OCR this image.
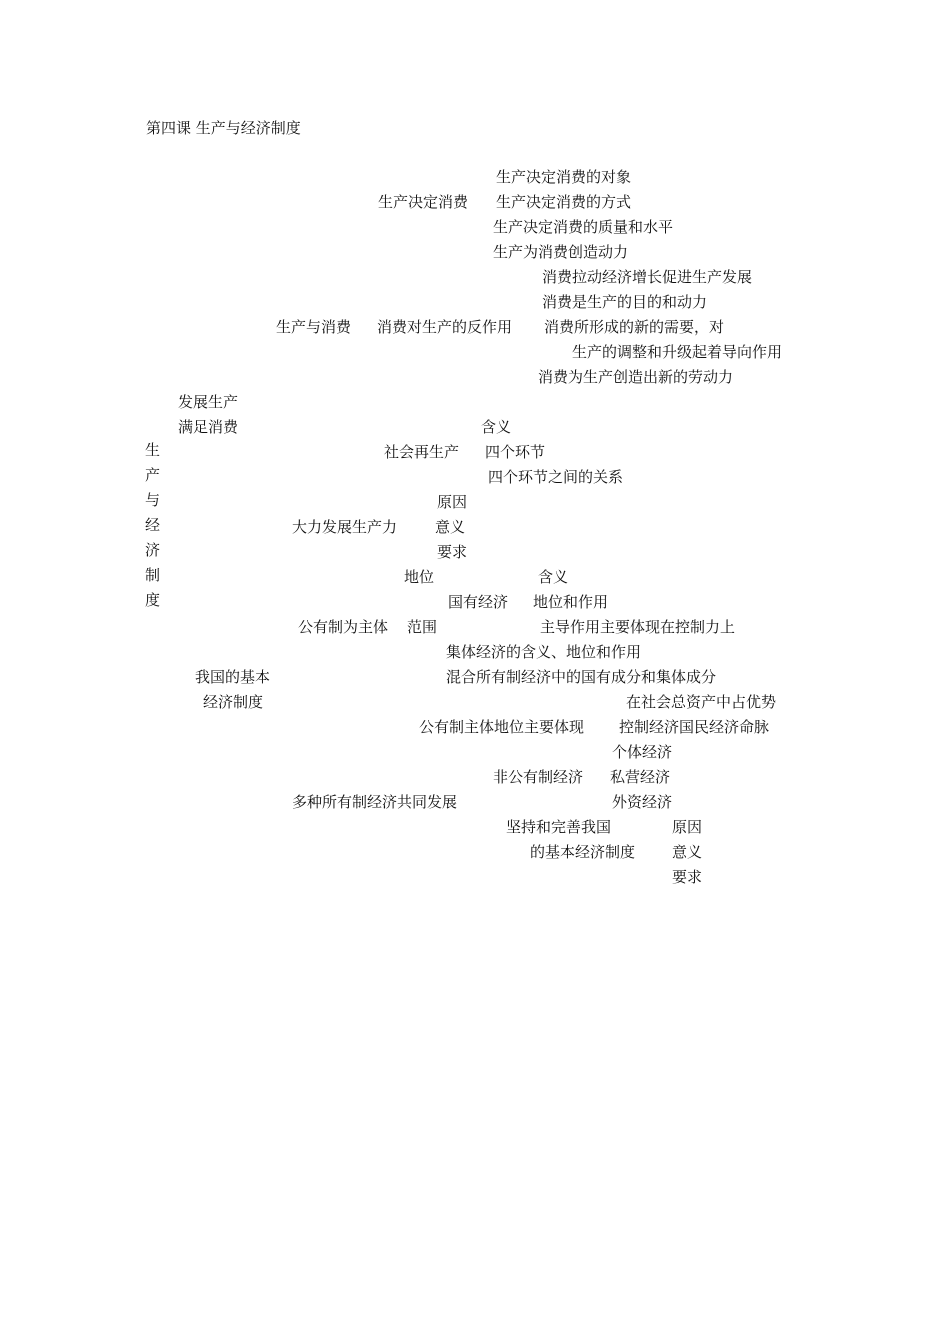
第四课 生产与经济制度
生
产
与
经
济
制
度
生产决定消费的对象
生产决定消费 生产决定消费的方式
生产决定消费的质量和水平
生产为消费创造动力
消费拉动经济增长促进生产发展
消费是生产的目的和动力
生产与消费 消费对生产的反作用 消费所形成的新的需要，对
生产的调整和升级起着导向作用
消费为生产创造出新的劳动力
发展生产
满足消费	含义
社会再生产 四个环节
四个环节之间的关系
原因
大力发展生产力	意义
要求
地位	含义
国有经济 地位和作用
公有制为主体 范围	主导作用主要体现在控制力上
集体经济的含义、地位和作用
我国的基本	混合所有制经济中的国有成分和集体成分
经济制度	在社会总资产中占优势
公有制主体地位主要体现 控制经济国民经济命脉
个体经济
非公有制经济 私营经济
多种所有制经济共同发展	外资经济
坚持和完善我国	原因
的基本经济制度 意义
要求
